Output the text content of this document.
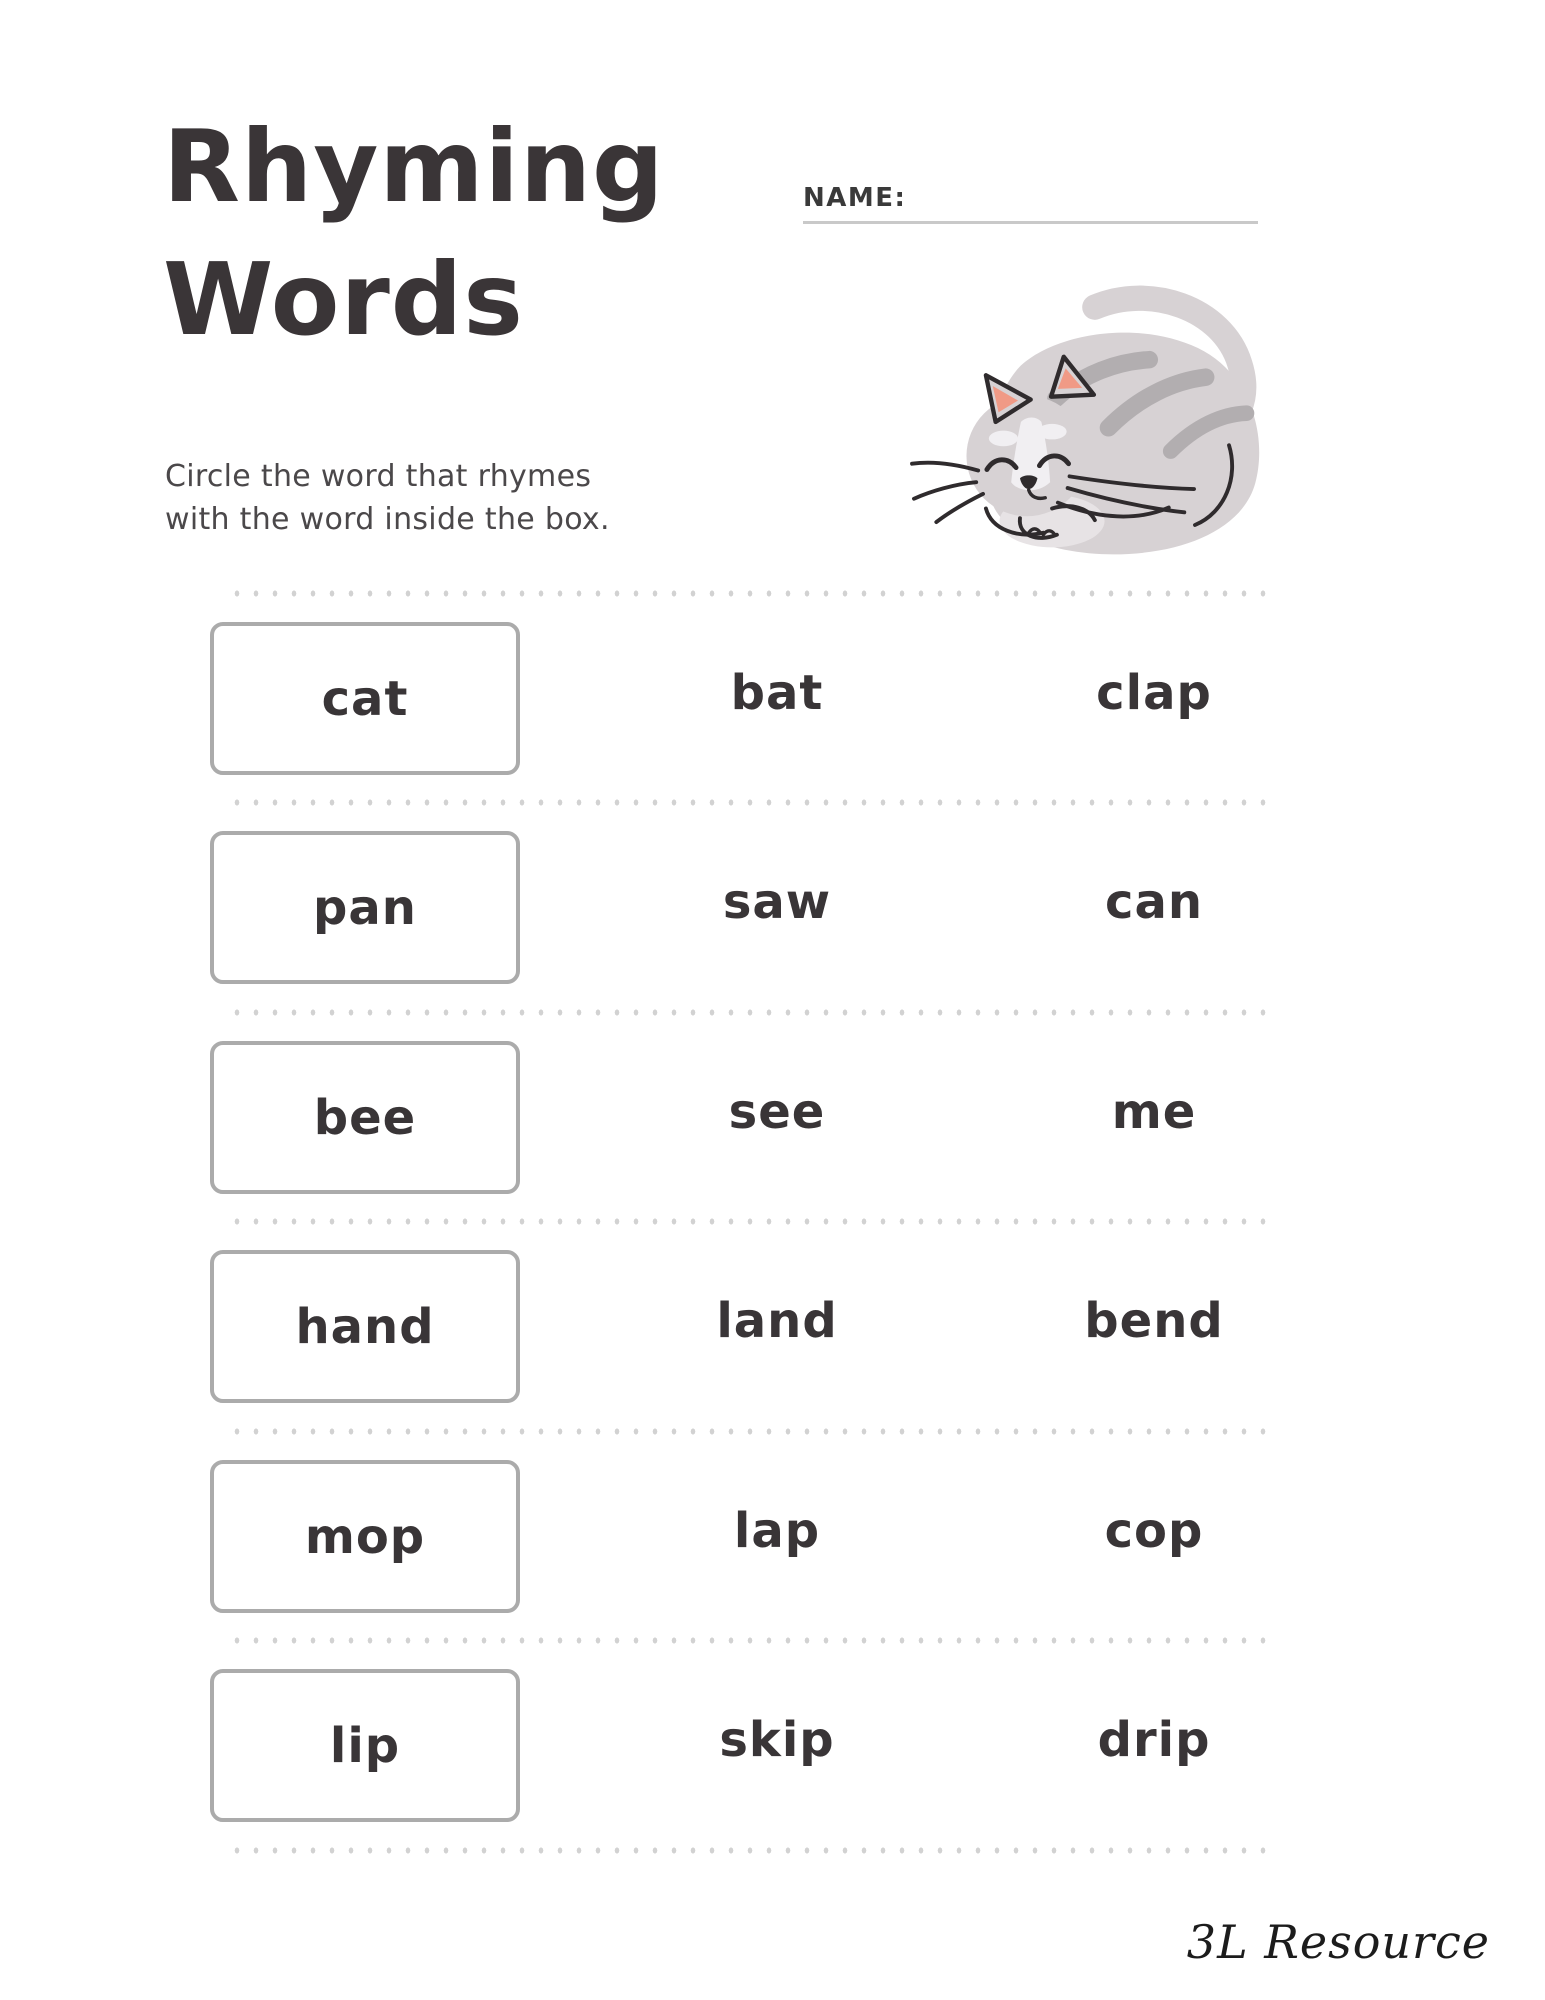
Rhyming
Words
Circle the word that rhymes
with the word inside the box.
NAME:
cat	bat	clap
pan	saw	can
bee	see	me
hand	land	bend
mop	lap	cop
lip	skip	drip
3L Resource
